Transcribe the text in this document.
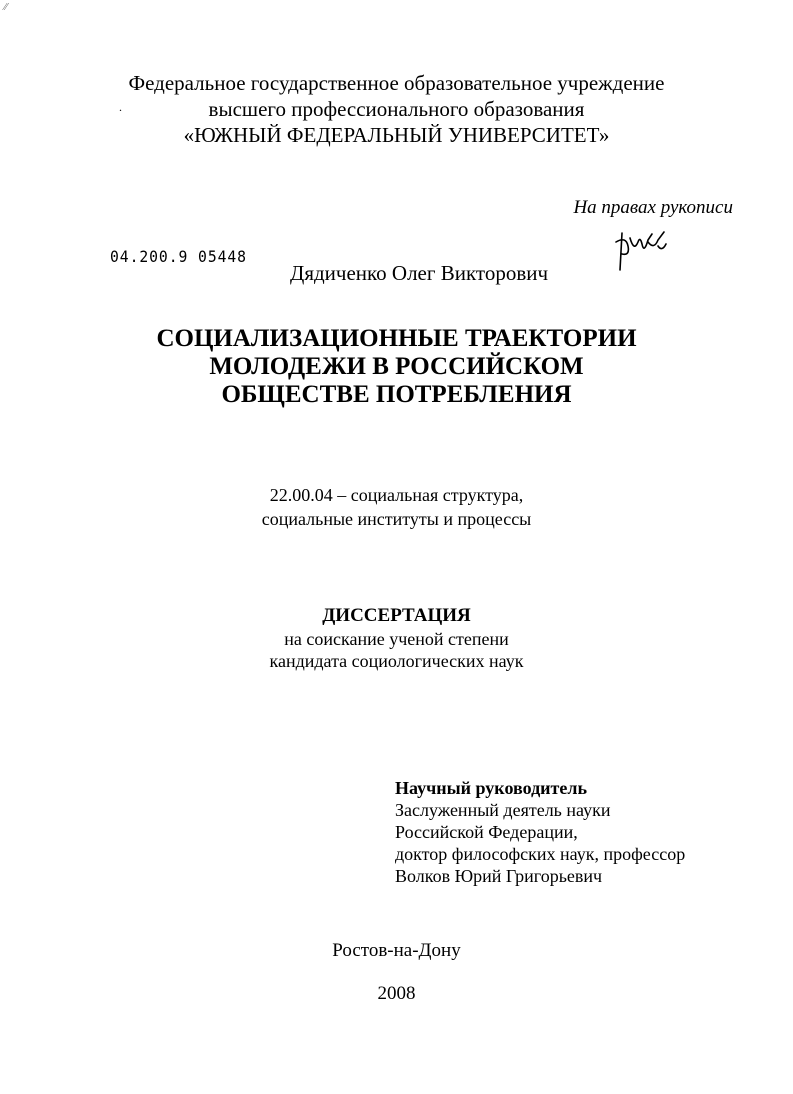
⁄⁄
.
Федеральное государственное образовательное учреждение
высшего профессионального образования
«ЮЖНЫЙ ФЕДЕРАЛЬНЫЙ УНИВЕРСИТЕТ»
На правах рукописи
04.200.9 05448
Дядиченко Олег Викторович
СОЦИАЛИЗАЦИОННЫЕ ТРАЕКТОРИИ
МОЛОДЕЖИ В РОССИЙСКОМ
ОБЩЕСТВЕ ПОТРЕБЛЕНИЯ
22.00.04 – социальная структура,
социальные институты и процессы
ДИССЕРТАЦИЯ
на соискание ученой степени
кандидата социологических наук
Научный руководитель
Заслуженный деятель науки
Российской Федерации,
доктор философских наук, профессор
Волков Юрий Григорьевич
Ростов-на-Дону
2008
